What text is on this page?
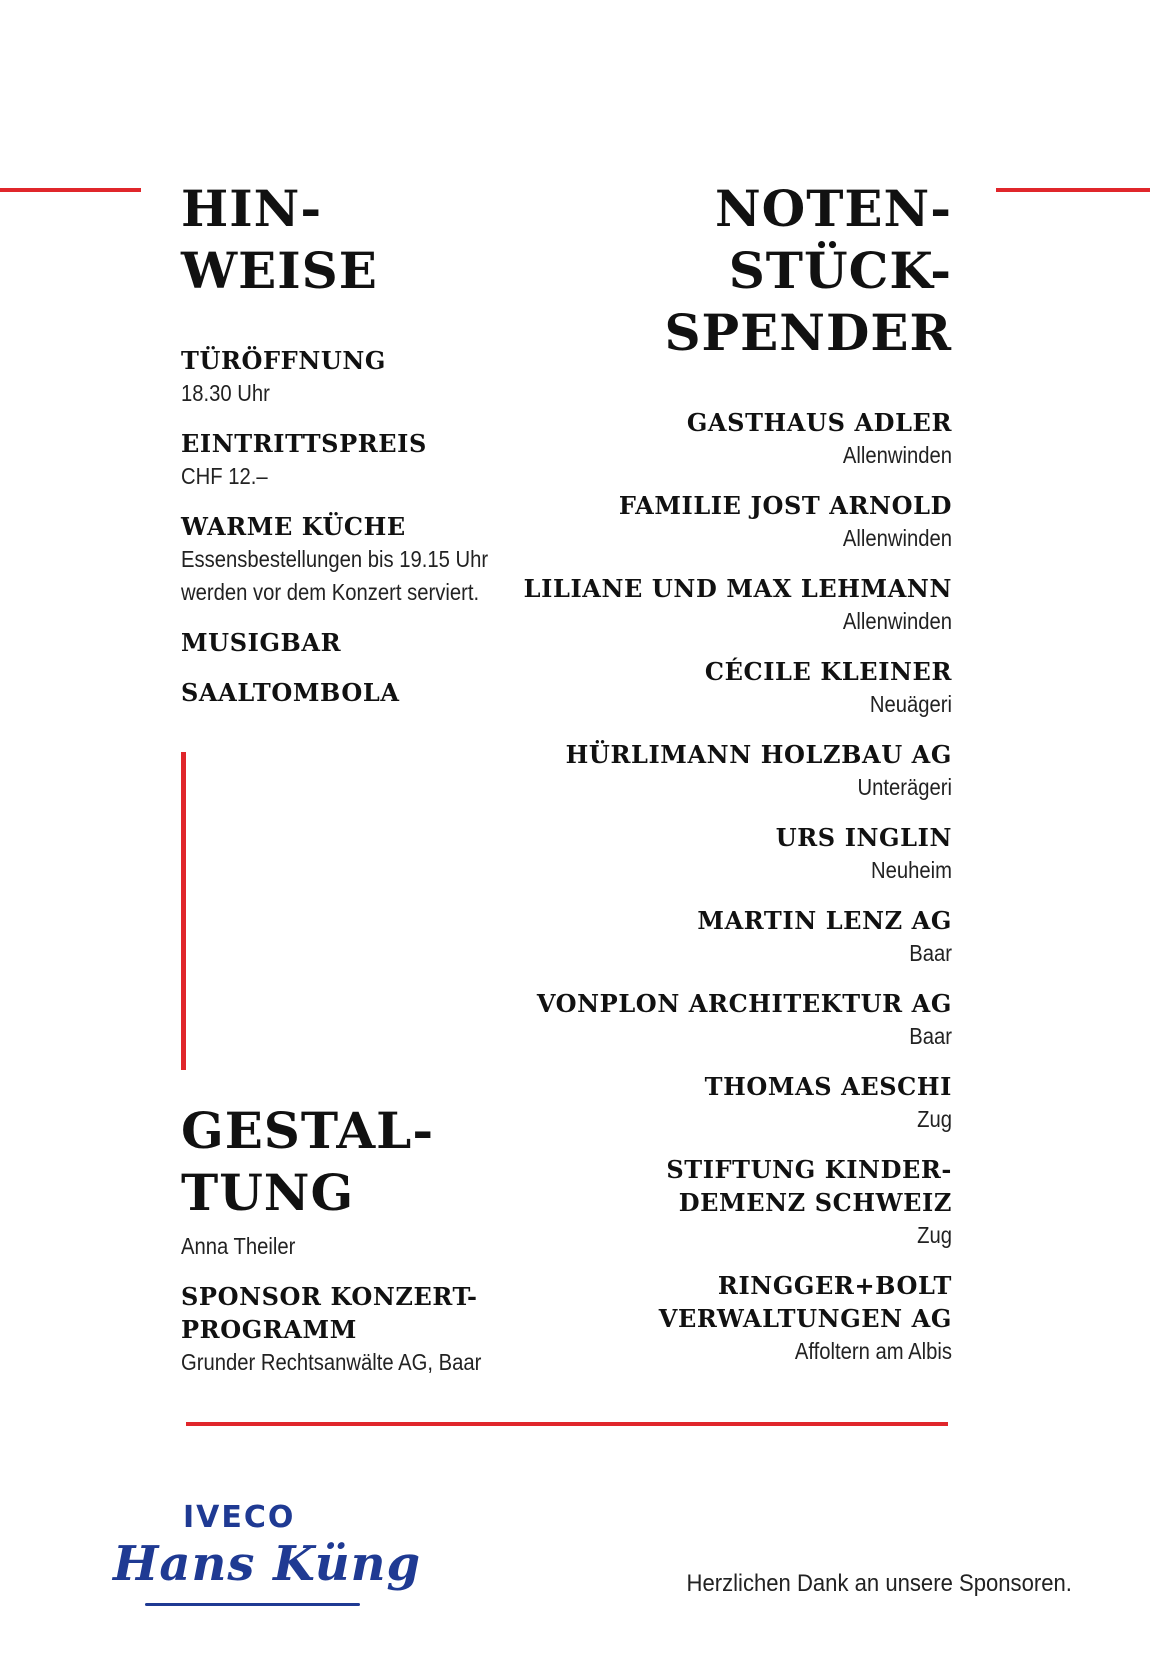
HIN-
WEISE
TÜRÖFFNUNG
18.30 Uhr
EINTRITTSPREIS
CHF 12.–
WARME KÜCHE
Essensbestellungen bis 19.15 Uhr
werden vor dem Konzert serviert.
MUSIGBAR
SAALTOMBOLA
GESTAL-
TUNG
Anna Theiler
SPONSOR KONZERT-
PROGRAMM
Grunder Rechtsanwälte AG, Baar
NOTEN-
STÜCK-
SPENDER
GASTHAUS ADLER
Allenwinden
FAMILIE JOST ARNOLD
Allenwinden
LILIANE UND MAX LEHMANN
Allenwinden
CÉCILE KLEINER
Neuägeri
HÜRLIMANN HOLZBAU AG
Unterägeri
URS INGLIN
Neuheim
MARTIN LENZ AG
Baar
VONPLON ARCHITEKTUR AG
Baar
THOMAS AESCHI
Zug
STIFTUNG KINDER-
DEMENZ SCHWEIZ
Zug
RINGGER+BOLT
VERWALTUNGEN AG
Affoltern am Albis
IVECO
Hans Küng	Herzlichen Dank an unsere Sponsoren.
